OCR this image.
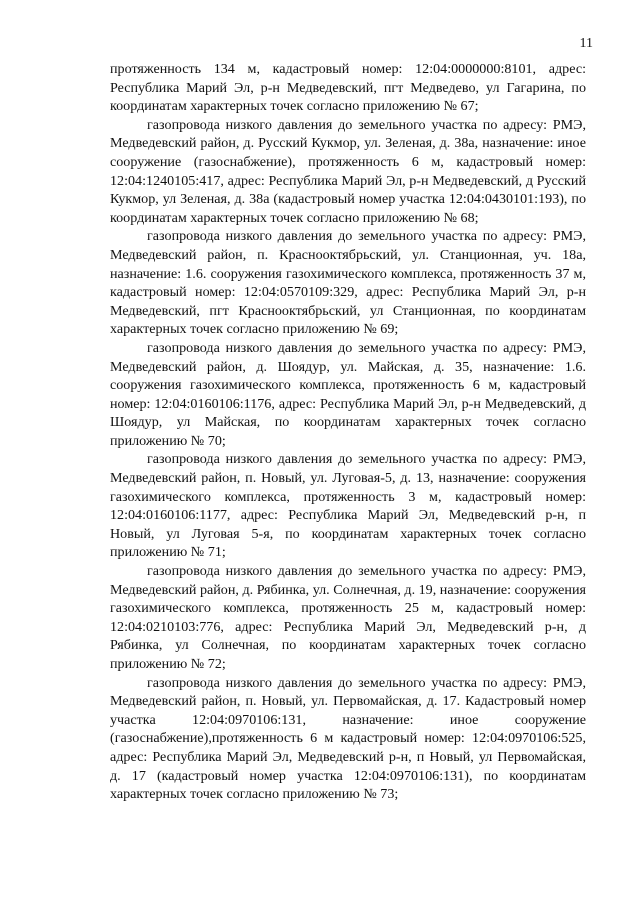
11

протяженность 134 м, кадастровый номер: 12:04:0000000:8101, адрес: Республика Марий Эл, р-н Медведевский, пгт Медведево, ул Гагарина, по координатам характерных точек согласно приложению № 67;

газопровода низкого давления до земельного участка по адресу: РМЭ, Медведевский район, д. Русский Кукмор, ул. Зеленая, д. 38а, назначение: иное сооружение (газоснабжение), протяженность 6 м, кадастровый номер: 12:04:1240105:417, адрес: Республика Марий Эл, р-н Медведевский, д Русский Кукмор, ул Зеленая, д. 38а (кадастровый номер участка 12:04:0430101:193), по координатам характерных точек согласно приложению № 68;

газопровода низкого давления до земельного участка по адресу: РМЭ, Медведевский район, п. Краснооктябрьский, ул. Станционная, уч. 18а, назначение: 1.6. сооружения газохимического комплекса, протяженность 37 м, кадастровый номер: 12:04:0570109:329, адрес: Республика Марий Эл, р-н Медведевский, пгт Краснооктябрьский, ул Станционная, по координатам характерных точек согласно приложению № 69;

газопровода низкого давления до земельного участка по адресу: РМЭ, Медведевский район, д. Шоядур, ул. Майская, д. 35, назначение: 1.6. сооружения газохимического комплекса, протяженность 6 м, кадастровый номер: 12:04:0160106:1176, адрес: Республика Марий Эл, р-н Медведевский, д Шоядур, ул Майская, по координатам характерных точек согласно приложению № 70;

газопровода низкого давления до земельного участка по адресу: РМЭ, Медведевский район, п. Новый, ул. Луговая-5, д. 13, назначение: сооружения газохимического комплекса, протяженность 3 м, кадастровый номер: 12:04:0160106:1177, адрес: Республика Марий Эл, Медведевский р-н, п Новый, ул Луговая 5-я, по координатам характерных точек согласно приложению № 71;

газопровода низкого давления до земельного участка по адресу: РМЭ, Медведевский район, д. Рябинка, ул. Солнечная, д. 19, назначение: сооружения газохимического комплекса, протяженность 25 м, кадастровый номер: 12:04:0210103:776, адрес: Республика Марий Эл, Медведевский р-н, д Рябинка, ул Солнечная, по координатам характерных точек согласно приложению № 72;

газопровода низкого давления до земельного участка по адресу: РМЭ, Медведевский район, п. Новый, ул. Первомайская, д. 17. Кадастровый номер участка 12:04:0970106:131, назначение: иное сооружение (газоснабжение),протяженность 6 м кадастровый номер: 12:04:0970106:525, адрес: Республика Марий Эл, Медведевский р-н, п Новый, ул Первомайская, д. 17 (кадастровый номер участка 12:04:0970106:131), по координатам характерных точек согласно приложению № 73;
